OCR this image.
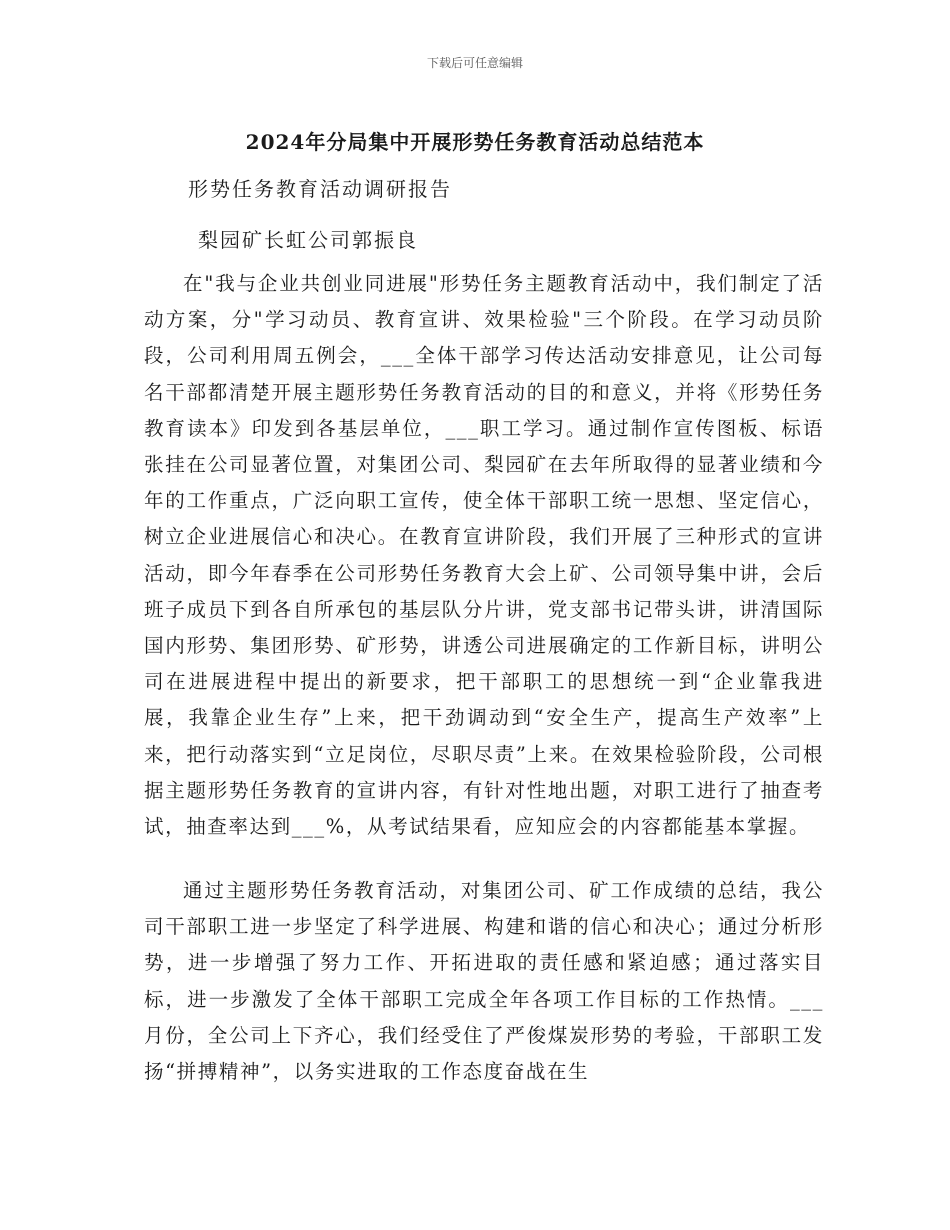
下载后可任意编辑
2024年分局集中开展形势任务教育活动总结范本
形势任务教育活动调研报告
梨园矿长虹公司郭振良

在"我与企业共创业同进展"形势任务主题教育活动中，我们制定了活动方案，分"学习动员、教育宣讲、效果检验"三个阶段。在学习动员阶段，公司利用周五例会，___全体干部学习传达活动安排意见，让公司每名干部都清楚开展主题形势任务教育活动的目的和意义，并将《形势任务教育读本》印发到各基层单位，___职工学习。通过制作宣传图板、标语张挂在公司显著位置，对集团公司、梨园矿在去年所取得的显著业绩和今年的工作重点，广泛向职工宣传，使全体干部职工统一思想、坚定信心，树立企业进展信心和决心。在教育宣讲阶段，我们开展了三种形式的宣讲活动，即今年春季在公司形势任务教育大会上矿、公司领导集中讲，会后班子成员下到各自所承包的基层队分片讲，党支部书记带头讲，讲清国际国内形势、集团形势、矿形势，讲透公司进展确定的工作新目标，讲明公司在进展进程中提出的新要求，把干部职工的思想统一到“企业靠我进展，我靠企业生存”上来，把干劲调动到“安全生产，提高生产效率”上来，把行动落实到“立足岗位，尽职尽责”上来。在效果检验阶段，公司根据主题形势任务教育的宣讲内容，有针对性地出题，对职工进行了抽查考试，抽查率达到___%，从考试结果看，应知应会的内容都能基本掌握。

通过主题形势任务教育活动，对集团公司、矿工作成绩的总结，我公司干部职工进一步坚定了科学进展、构建和谐的信心和决心；通过分析形势，进一步增强了努力工作、开拓进取的责任感和紧迫感；通过落实目标，进一步激发了全体干部职工完成全年各项工作目标的工作热情。___月份，全公司上下齐心，我们经受住了严俊煤炭形势的考验，干部职工发扬“拼搏精神”，以务实进取的工作态度奋战在生
